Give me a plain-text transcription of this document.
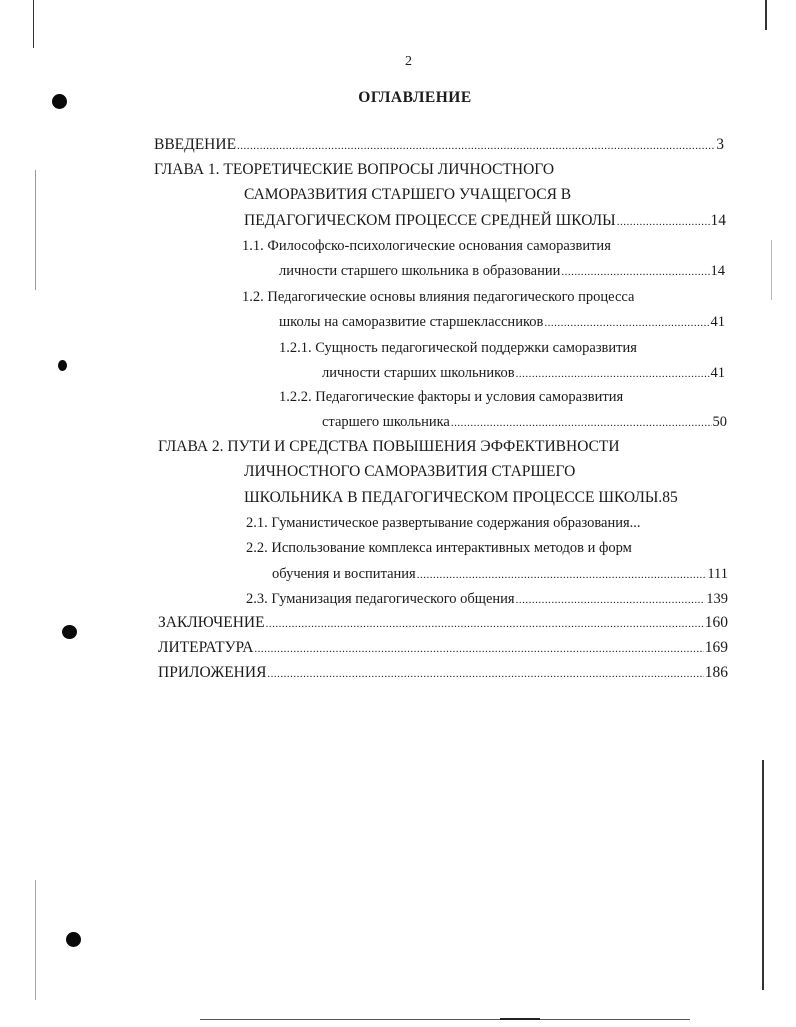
2
ОГЛАВЛЕНИЕ
ВВЕДЕНИЕ .....	3
ГЛАВА 1. ТЕОРЕТИЧЕСКИЕ ВОПРОСЫ ЛИЧНОСТНОГО
САМОРАЗВИТИЯ СТАРШЕГО УЧАЩЕГОСЯ В
ПЕДАГОГИЧЕСКОМ ПРОЦЕССЕ СРЕДНЕЙ ШКОЛЫ .....	14
1.1. Философско-психологические основания саморазвития
личности старшего школьника в образовании .....	14
1.2. Педагогические основы влияния педагогического процесса
школы на саморазвитие старшеклассников .....	41
1.2.1. Сущность педагогической поддержки саморазвития
личности старших школьников .....	41
1.2.2. Педагогические факторы и условия саморазвития
старшего школьника .....	50
ГЛАВА 2. ПУТИ И СРЕДСТВА ПОВЫШЕНИЯ ЭФФЕКТИВНОСТИ
ЛИЧНОСТНОГО САМОРАЗВИТИЯ СТАРШЕГО
ШКОЛЬНИКА В ПЕДАГОГИЧЕСКОМ ПРОЦЕССЕ ШКОЛЫ. 85
2.1. Гуманистическое развертывание содержания образования...
2.2. Использование комплекса интерактивных методов и форм
обучения и воспитания .....	111
2.3. Гуманизация педагогического общения .....	139
ЗАКЛЮЧЕНИЕ .....	160
ЛИТЕРАТУРА .....	169
ПРИЛОЖЕНИЯ .....	186
